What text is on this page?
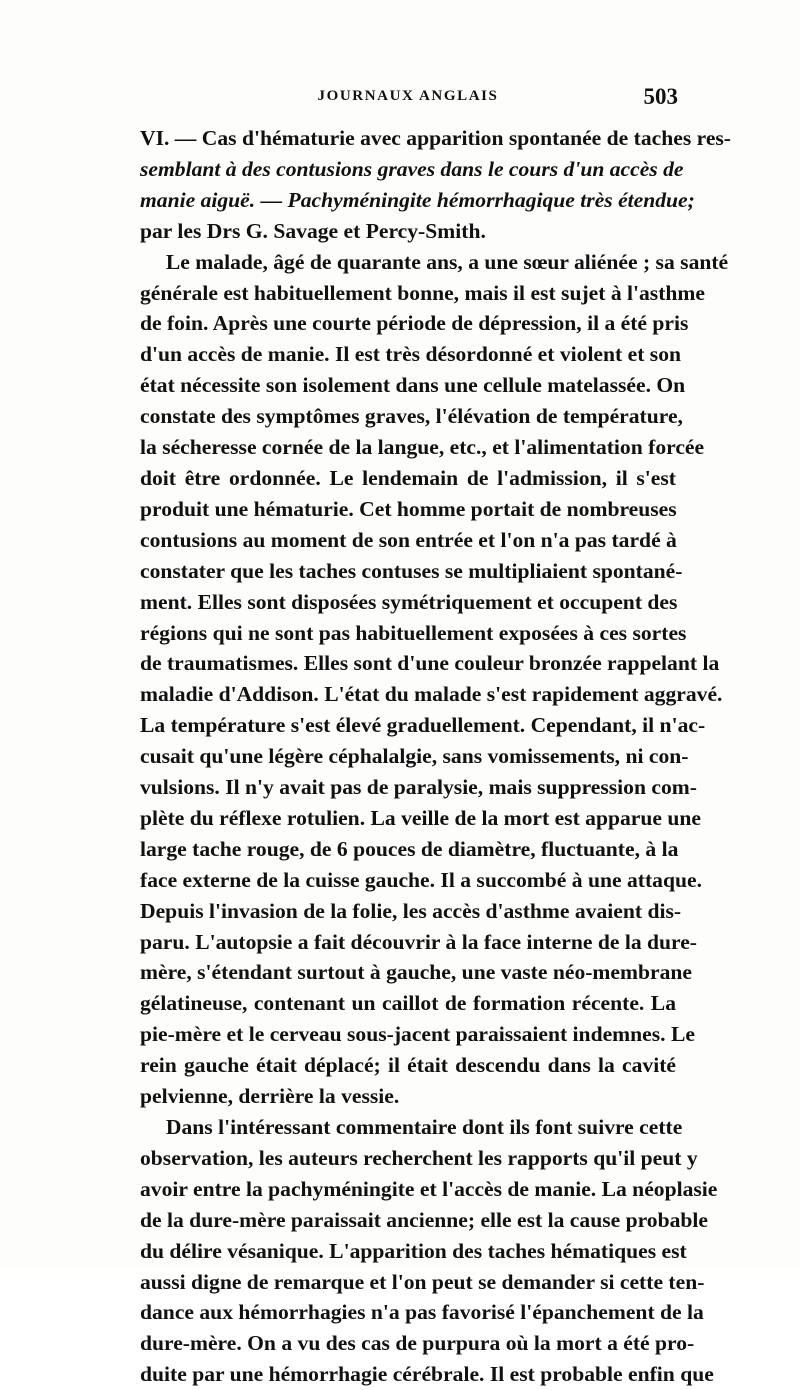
JOURNAUX ANGLAIS	503
VI. — Cas d'hématurie avec apparition spontanée de taches res-
semblant à des contusions graves dans le cours d'un accès de
manie aiguë. — Pachyméningite hémorrhagique très étendue;
par les Drs G. Savage et Percy-Smith.
Le malade, âgé de quarante ans, a une sœur aliénée ; sa santé
générale est habituellement bonne, mais il est sujet à l'asthme
de foin. Après une courte période de dépression, il a été pris
d'un accès de manie. Il est très désordonné et violent et son
état nécessite son isolement dans une cellule matelassée. On
constate des symptômes graves, l'élévation de température,
la sécheresse cornée de la langue, etc., et l'alimentation forcée
doit être ordonnée. Le lendemain de l'admission, il s'est
produit une hématurie. Cet homme portait de nombreuses
contusions au moment de son entrée et l'on n'a pas tardé à
constater que les taches contuses se multipliaient spontané-
ment. Elles sont disposées symétriquement et occupent des
régions qui ne sont pas habituellement exposées à ces sortes
de traumatismes. Elles sont d'une couleur bronzée rappelant la
maladie d'Addison. L'état du malade s'est rapidement aggravé.
La température s'est élevé graduellement. Cependant, il n'ac-
cusait qu'une légère céphalalgie, sans vomissements, ni con-
vulsions. Il n'y avait pas de paralysie, mais suppression com-
plète du réflexe rotulien. La veille de la mort est apparue une
large tache rouge, de 6 pouces de diamètre, fluctuante, à la
face externe de la cuisse gauche. Il a succombé à une attaque.
Depuis l'invasion de la folie, les accès d'asthme avaient dis-
paru. L'autopsie a fait découvrir à la face interne de la dure-
mère, s'étendant surtout à gauche, une vaste néo-membrane
gélatineuse, contenant un caillot de formation récente. La
pie-mère et le cerveau sous-jacent paraissaient indemnes. Le
rein gauche était déplacé; il était descendu dans la cavité
pelvienne, derrière la vessie.
Dans l'intéressant commentaire dont ils font suivre cette
observation, les auteurs recherchent les rapports qu'il peut y
avoir entre la pachyméningite et l'accès de manie. La néoplasie
de la dure-mère paraissait ancienne; elle est la cause probable
du délire vésanique. L'apparition des taches hématiques est
aussi digne de remarque et l'on peut se demander si cette ten-
dance aux hémorrhagies n'a pas favorisé l'épanchement de la
dure-mère. On a vu des cas de purpura où la mort a été pro-
duite par une hémorrhagie cérébrale. Il est probable enfin que
